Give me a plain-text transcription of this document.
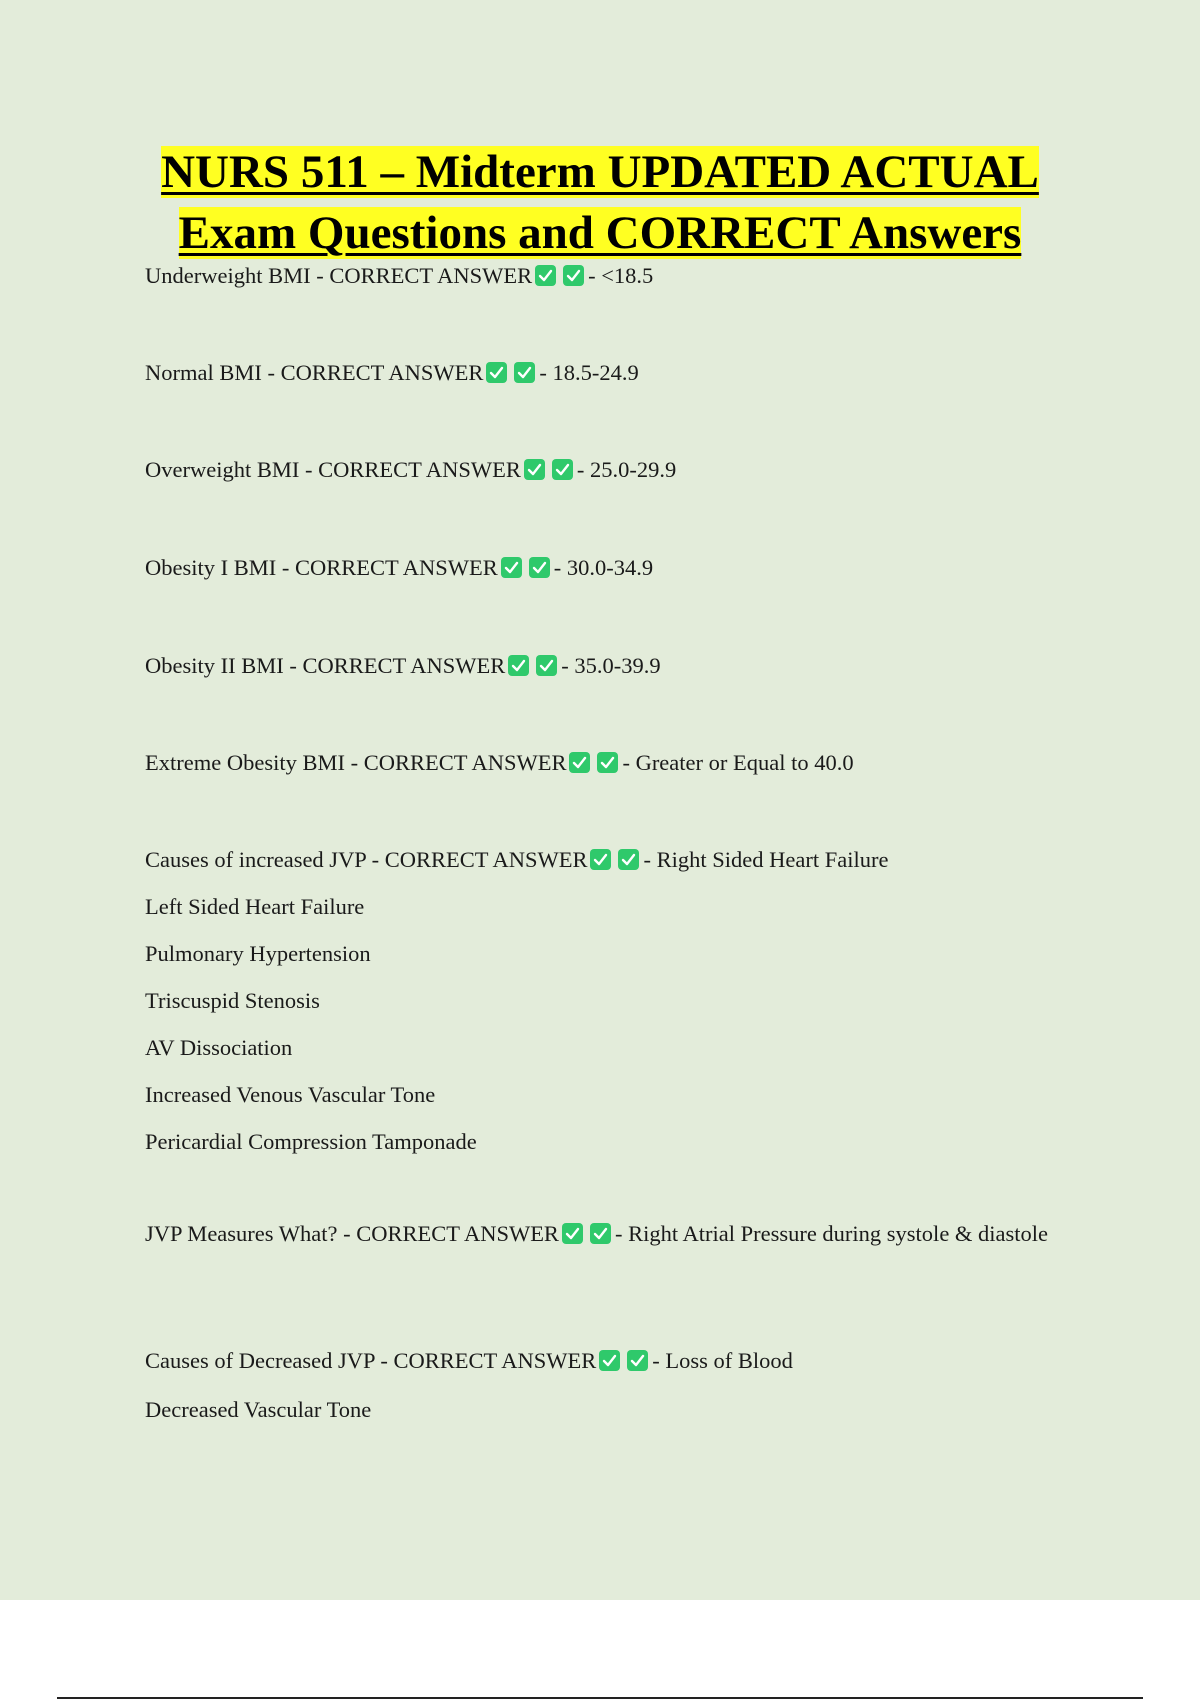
NURS 511 – Midterm UPDATED ACTUAL
Exam Questions and CORRECT Answers
Underweight BMI - CORRECT ANSWER - <18.5
Normal BMI - CORRECT ANSWER - 18.5-24.9
Overweight BMI - CORRECT ANSWER - 25.0-29.9
Obesity I BMI - CORRECT ANSWER - 30.0-34.9
Obesity II BMI - CORRECT ANSWER - 35.0-39.9
Extreme Obesity BMI - CORRECT ANSWER - Greater or Equal to 40.0
Causes of increased JVP - CORRECT ANSWER - Right Sided Heart Failure
Left Sided Heart Failure
Pulmonary Hypertension
Triscuspid Stenosis
AV Dissociation
Increased Venous Vascular Tone
Pericardial Compression Tamponade
JVP Measures What? - CORRECT ANSWER - Right Atrial Pressure during systole & diastole
Causes of Decreased JVP - CORRECT ANSWER - Loss of Blood
Decreased Vascular Tone
